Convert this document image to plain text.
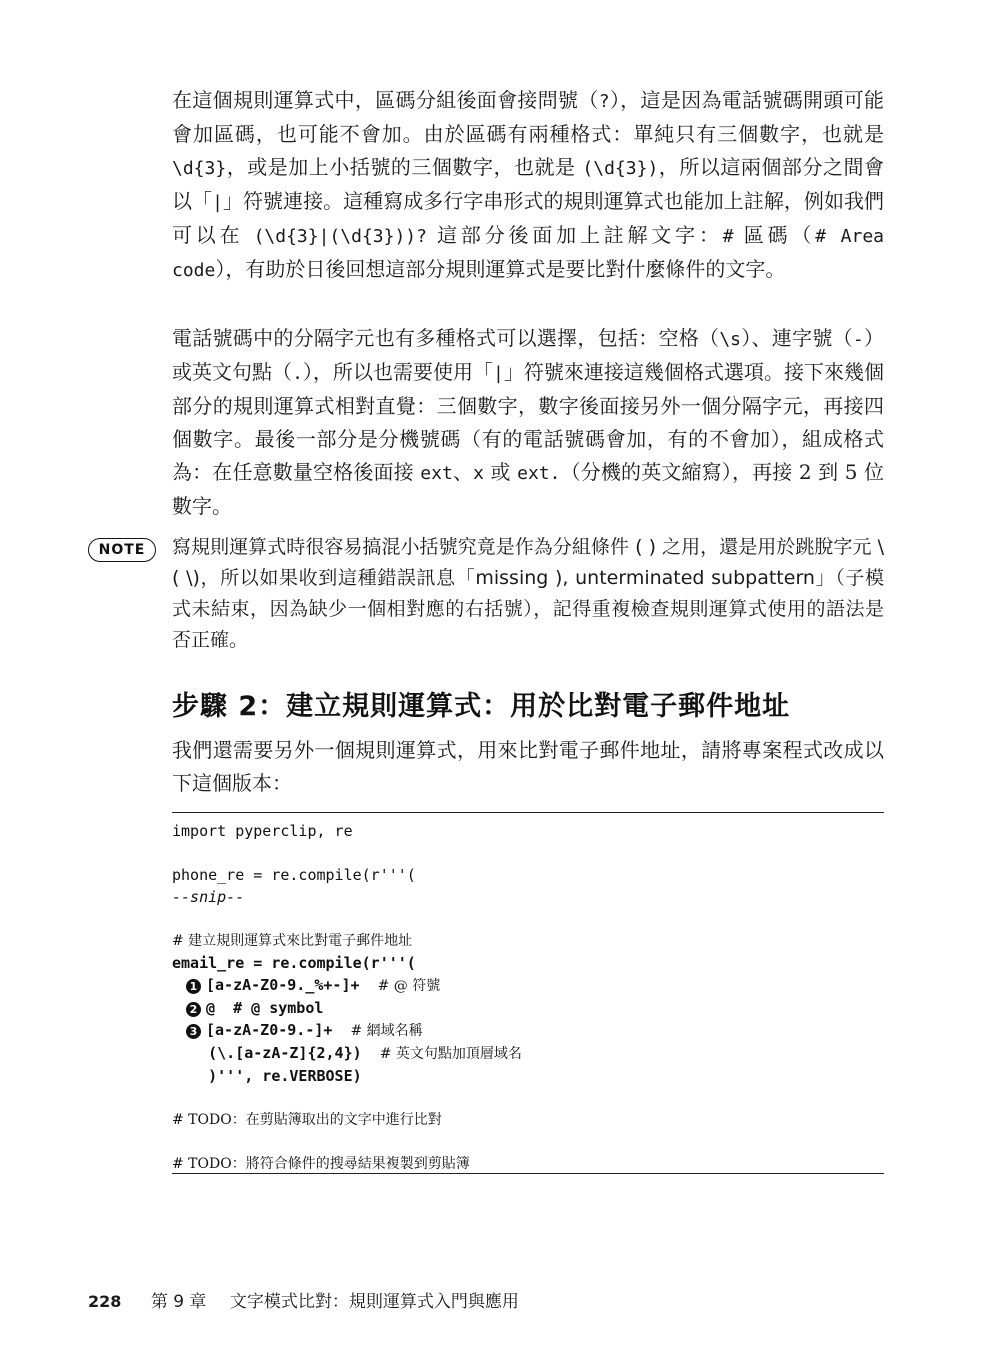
在這個規則運算式中，區碼分組後面會接問號（?），這是因為電話號碼開頭可能會加區碼，也可能不會加。由於區碼有兩種格式：單純只有三個數字，也就是 \d{3}，或是加上小括號的三個數字，也就是 (\d{3})，所以這兩個部分之間會以「|」符號連接。這種寫成多行字串形式的規則運算式也能加上註解，例如我們可以在 (\d{3}|(\d{3}))? 這部分後面加上註解文字：# 區碼（# Area code），有助於日後回想這部分規則運算式是要比對什麼條件的文字。

電話號碼中的分隔字元也有多種格式可以選擇，包括：空格（\s）、連字號（-）或英文句點（.），所以也需要使用「|」符號來連接這幾個格式選項。接下來幾個部分的規則運算式相對直覺：三個數字，數字後面接另外一個分隔字元，再接四個數字。最後一部分是分機號碼（有的電話號碼會加，有的不會加），組成格式為：在任意數量空格後面接 ext、x 或 ext.（分機的英文縮寫），再接 2 到 5 位數字。

NOTE	寫規則運算式時很容易搞混小括號究竟是作為分組條件 ( ) 之用，還是用於跳脫字元 \( \)，所以如果收到這種錯誤訊息「missing ), unterminated subpattern」（子模式未結束，因為缺少一個相對應的右括號），記得重複檢查規則運算式使用的語法是否正確。

步驟 2：建立規則運算式：用於比對電子郵件地址

我們還需要另外一個規則運算式，用來比對電子郵件地址，請將專案程式改成以下這個版本：

import pyperclip, re

phone_re = re.compile(r'''(
--snip--

# 建立規則運算式來比對電子郵件地址
email_re = re.compile(r'''(
1 [a-zA-Z0-9._%+-]+ # @ 符號
2 @ # @ symbol
3 [a-zA-Z0-9.-]+ # 網域名稱
(\.[a-zA-Z]{2,4}) # 英文句點加頂層域名
)''', re.VERBOSE)

# TODO：在剪貼簿取出的文字中進行比對

# TODO：將符合條件的搜尋結果複製到剪貼簿
228 第 9 章 文字模式比對：規則運算式入門與應用
